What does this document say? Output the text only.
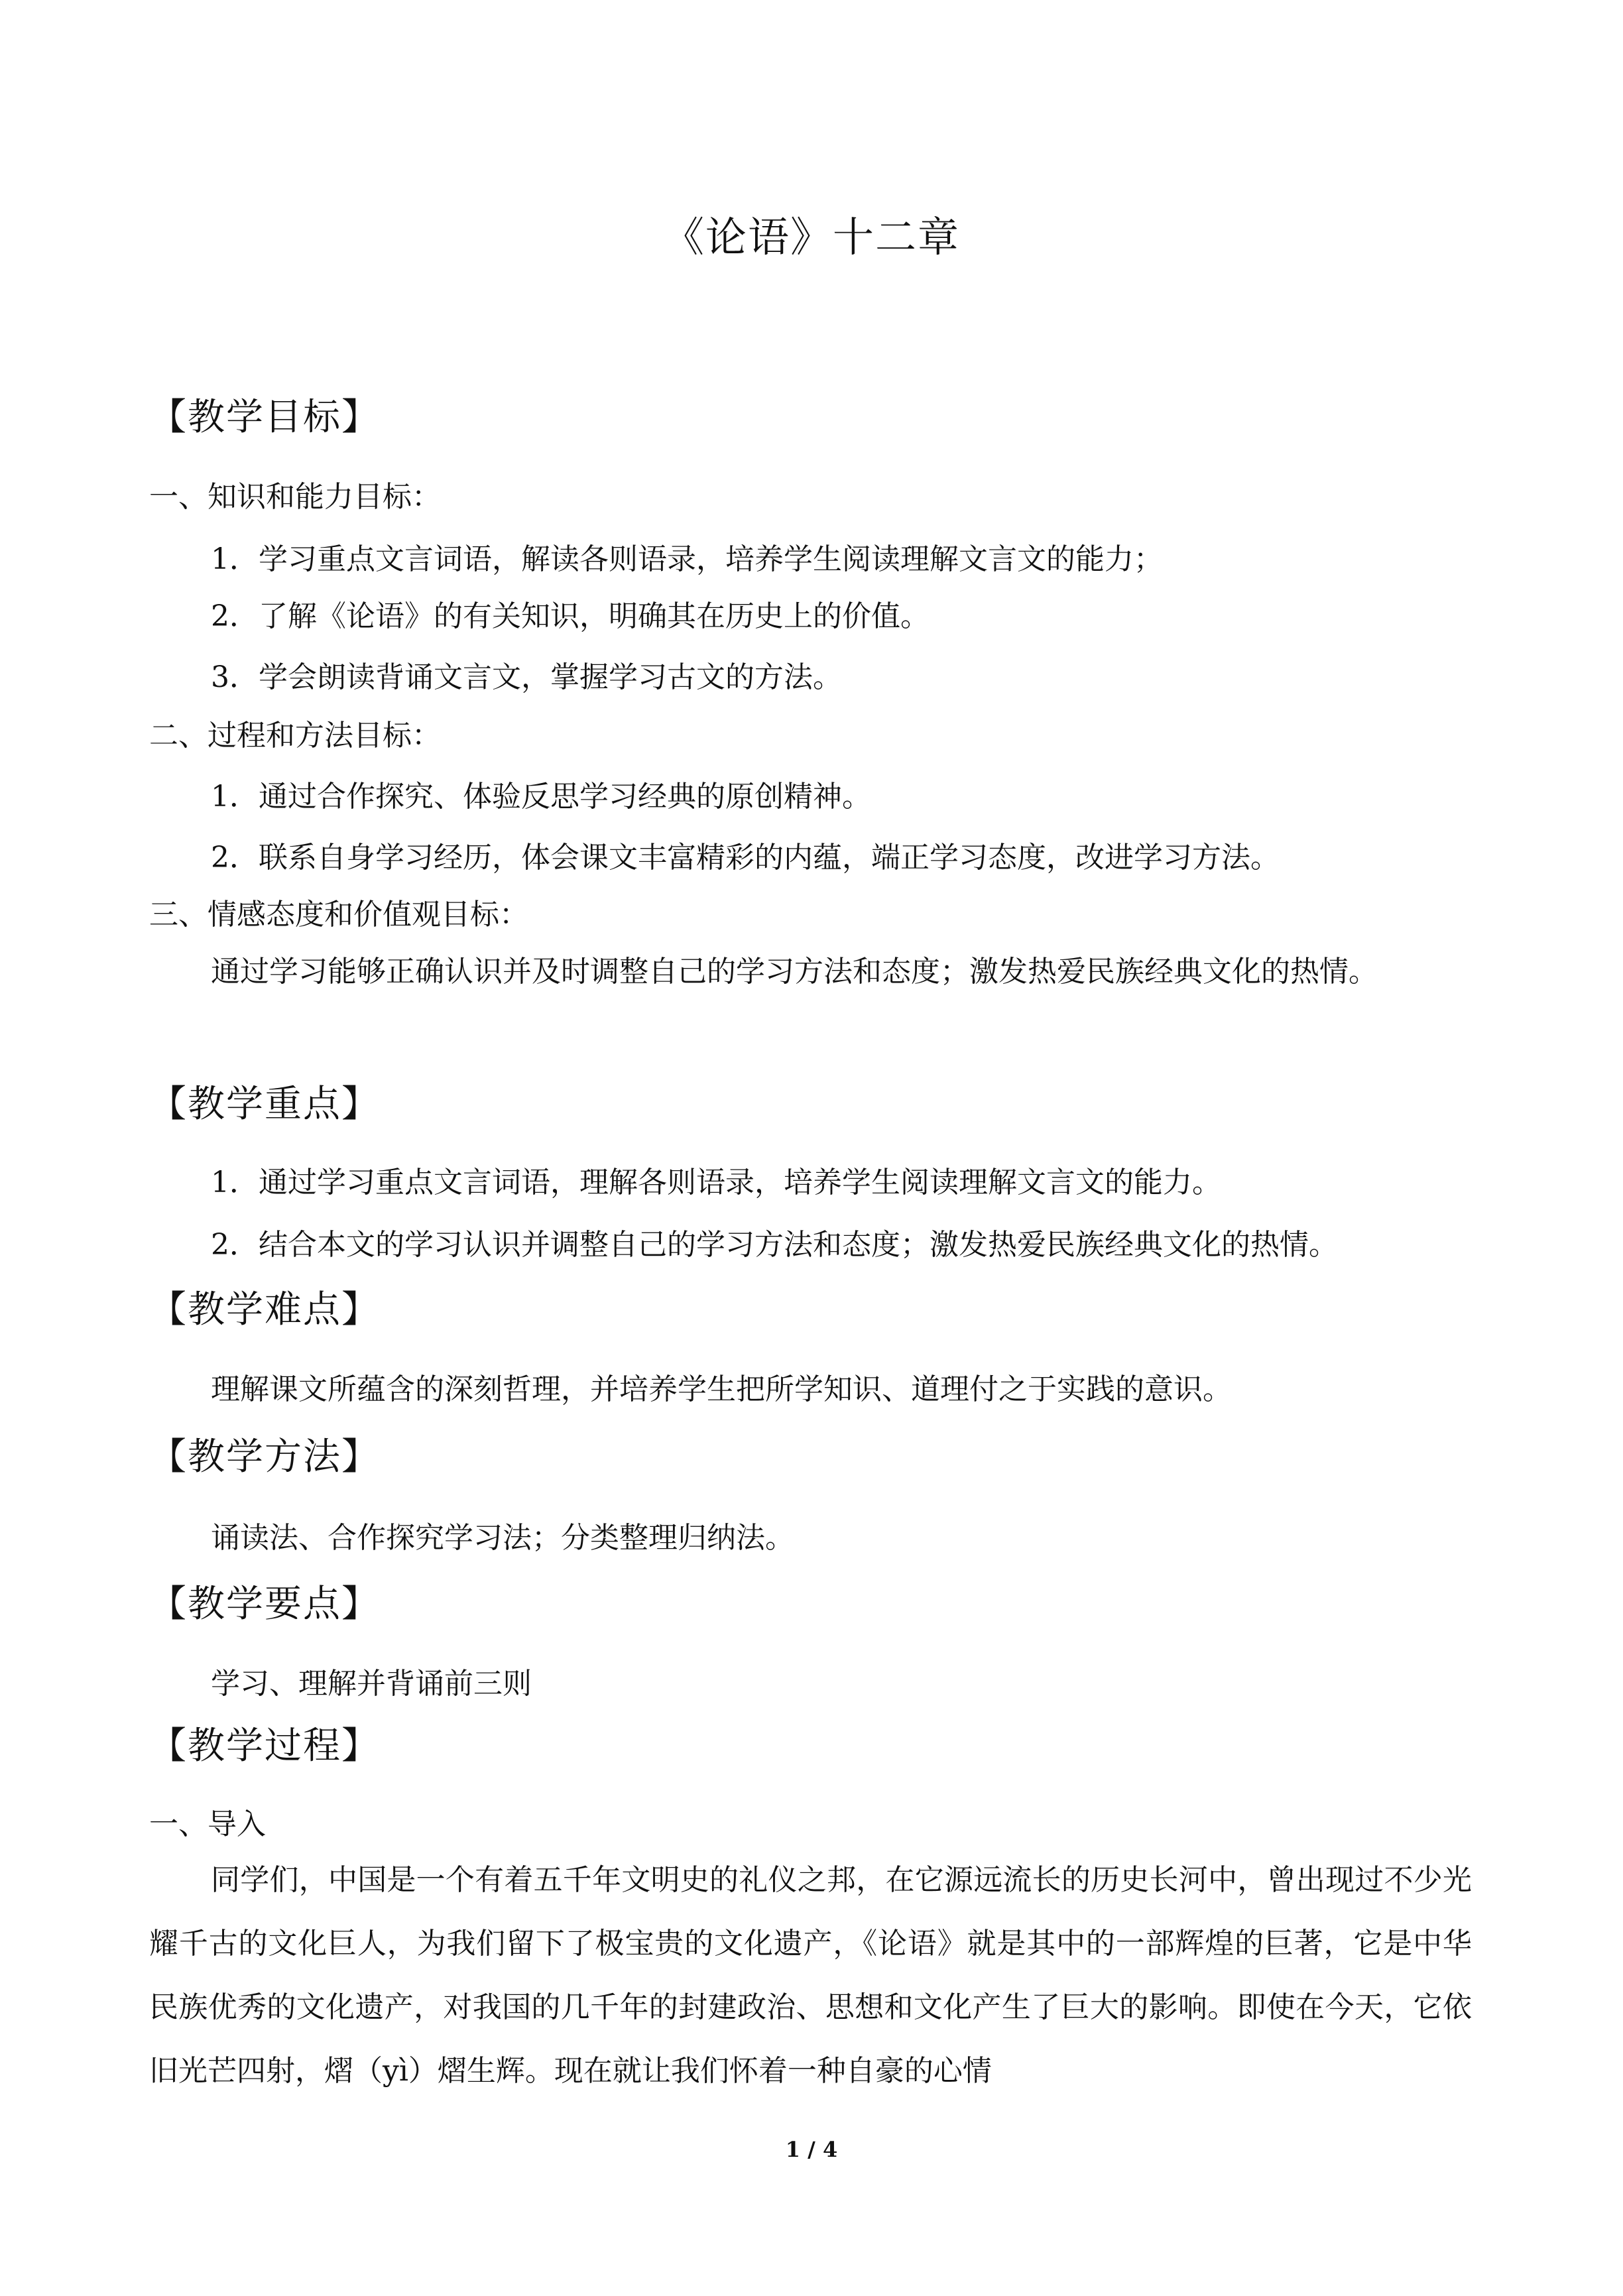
《论语》十二章
【教学目标】
一、知识和能力目标：
1．学习重点文言词语，解读各则语录，培养学生阅读理解文言文的能力；
2．了解《论语》的有关知识，明确其在历史上的价值。
3．学会朗读背诵文言文，掌握学习古文的方法。
二、过程和方法目标：
1．通过合作探究、体验反思学习经典的原创精神。
2．联系自身学习经历，体会课文丰富精彩的内蕴，端正学习态度，改进学习方法。
三、情感态度和价值观目标：

通过学习能够正确认识并及时调整自己的学习方法和态度；激发热爱民族经典文化的热情。

【教学重点】
1．通过学习重点文言词语，理解各则语录，培养学生阅读理解文言文的能力。
2．结合本文的学习认识并调整自己的学习方法和态度；激发热爱民族经典文化的热情。
【教学难点】
理解课文所蕴含的深刻哲理，并培养学生把所学知识、道理付之于实践的意识。
【教学方法】
诵读法、合作探究学习法；分类整理归纳法。
【教学要点】
学习、理解并背诵前三则
【教学过程】
一、导入

同学们，中国是一个有着五千年文明史的礼仪之邦，在它源远流长的历史长河中，曾出现过不少光耀千古的文化巨人，为我们留下了极宝贵的文化遗产，《论语》就是其中的一部辉煌的巨著，它是中华民族优秀的文化遗产，对我国的几千年的封建政治、思想和文化产生了巨大的影响。即使在今天，它依旧光芒四射，熠（yì）熠生辉。现在就让我们怀着一种自豪的心情

1 / 4
